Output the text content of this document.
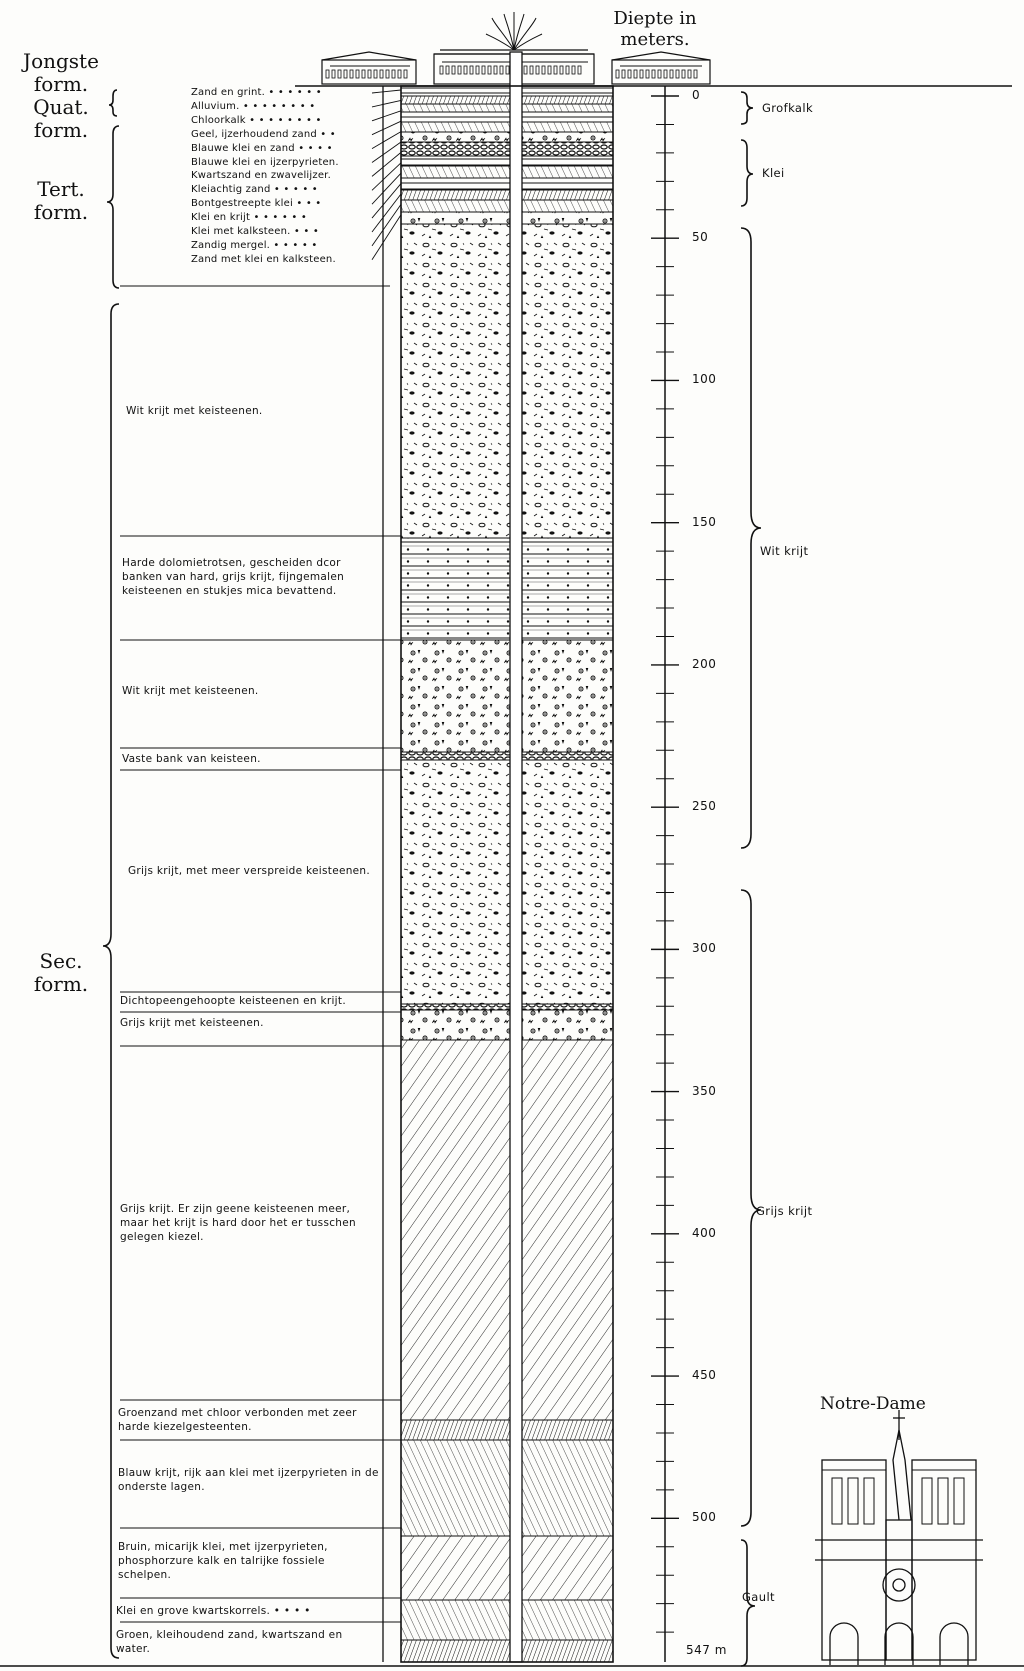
Diepte in
meters.
Jongste
form.
Quat.
form.
Tert.
form.
Sec.
form.
Zand en grint. • • • • • •
Alluvium. • • • • • • • •
Chloorkalk • • • • • • • •
Geel, ijzerhoudend zand • •
Blauwe klei en zand • • • •
Blauwe klei en ijzerpyrieten.
Kwartszand en zwavelijzer.
Kleiachtig zand • • • • •
Bontgestreepte klei • • •
Klei en krijt • • • • • •
Klei met kalksteen. • • •
Zandig mergel. • • • • •
Zand met klei en kalksteen.
Wit krijt met keisteenen.
Harde dolomietrotsen, gescheiden dcor banken van hard, grijs krijt, fijngemalen keisteenen en stukjes mica bevattend.
Wit krijt met keisteenen.
Vaste bank van keisteen.
Grijs krijt, met meer verspreide keisteenen.
Dichtopeengehoopte keisteenen en krijt.
Grijs krijt met keisteenen.
Grijs krijt. Er zijn geene keisteenen meer, maar het krijt is hard door het er tusschen gelegen kiezel.
Groenzand met chloor verbonden met zeer harde kiezelgesteenten.
Blauw krijt, rijk aan klei met ijzerpyrieten in de onderste lagen.
Bruin, micarijk klei, met ijzerpyrieten, phosphorzure kalk en talrijke fossiele schelpen.
Klei en grove kwartskorrels. • • • •
Groen, kleihoudend zand, kwartszand en water.
0
50
100
150
200
250
300
350
400
450
500
547 m
Grofkalk
Klei
Wit krijt
Grijs krijt
Gault
Notre-Dame
